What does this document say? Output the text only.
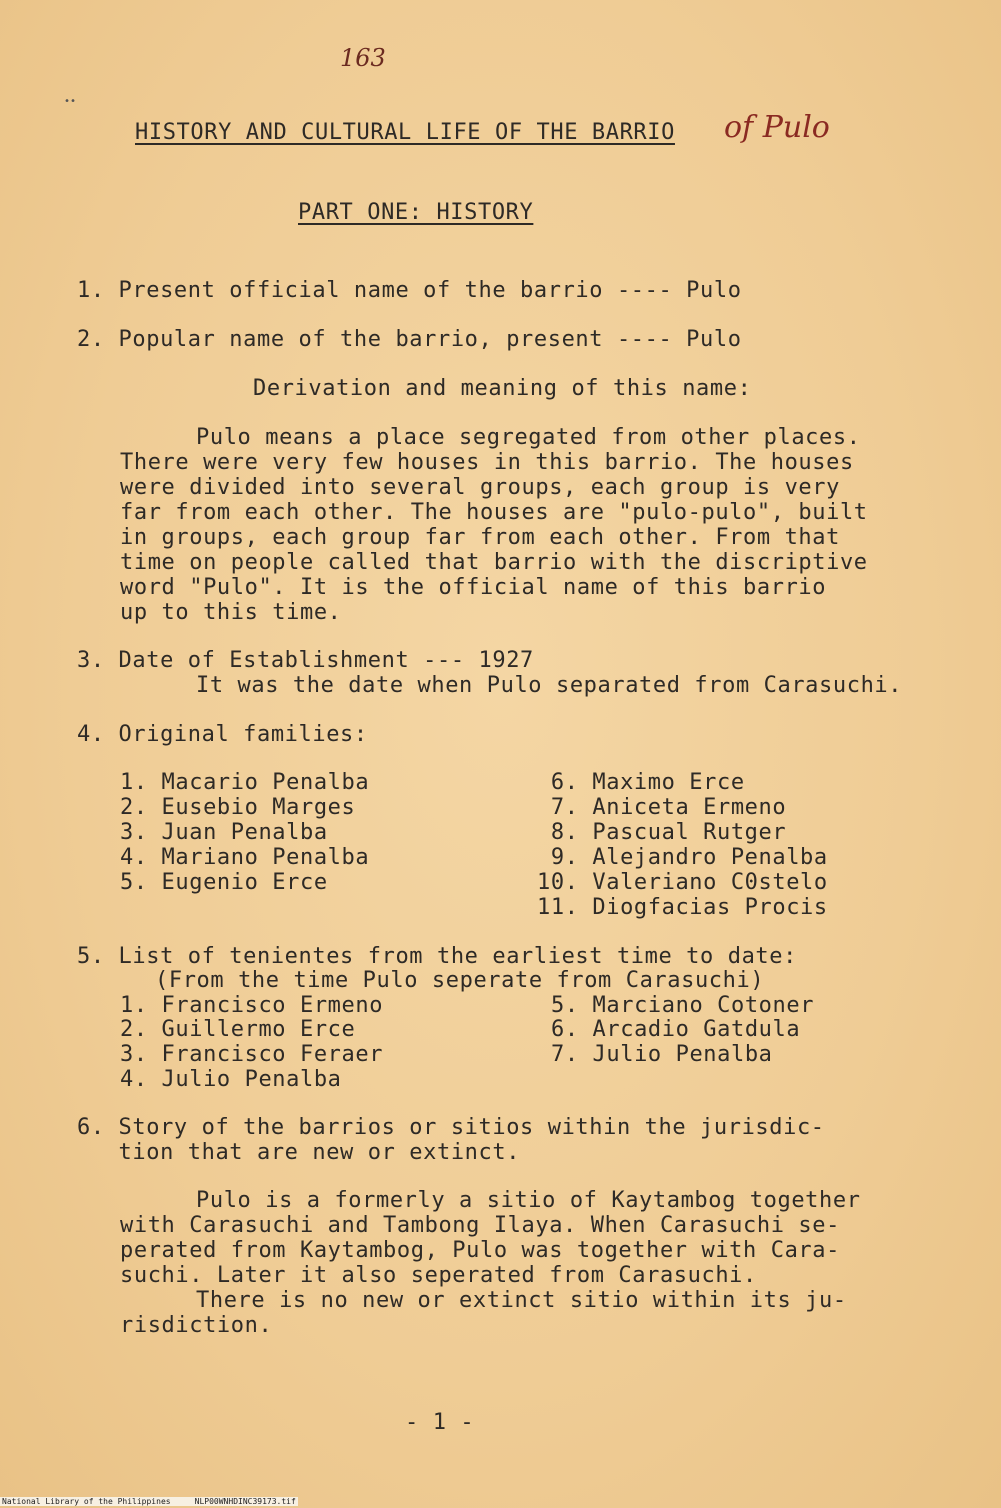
163
••
HISTORY AND CULTURAL LIFE OF THE BARRIO of Pulo
PART ONE: HISTORY
1. Present official name of the barrio ---- Pulo
2. Popular name of the barrio, present ---- Pulo
Derivation and meaning of this name:
Pulo means a place segregated from other places.
There were very few houses in this barrio. The houses
were divided into several groups, each group is very
far from each other. The houses are "pulo-pulo", built
in groups, each group far from each other. From that
time on people called that barrio with the discriptive
word "Pulo". It is the official name of this barrio
up to this time.
3. Date of Establishment --- 1927
It was the date when Pulo separated from Carasuchi.
4. Original families:
1. Macario Penalba
2. Eusebio Marges
3. Juan Penalba
4. Mariano Penalba
5. Eugenio Erce
6. Maximo Erce
7. Aniceta Ermeno
8. Pascual Rutger
9. Alejandro Penalba
10. Valeriano C0stelo
11. Diogfacias Procis
5. List of tenientes from the earliest time to date:
(From the time Pulo seperate from Carasuchi)
1. Francisco Ermeno
2. Guillermo Erce
3. Francisco Feraer
4. Julio Penalba
5. Marciano Cotoner
6. Arcadio Gatdula
7. Julio Penalba
6. Story of the barrios or sitios within the jurisdic-
tion that are new or extinct.
Pulo is a formerly a sitio of Kaytambog together
with Carasuchi and Tambong Ilaya. When Carasuchi se-
perated from Kaytambog, Pulo was together with Cara-
suchi. Later it also seperated from Carasuchi.
There is no new or extinct sitio within its ju-
risdiction.
- 1 -
National Library of the Philippines     NLP00WNHDINC39173.tif
